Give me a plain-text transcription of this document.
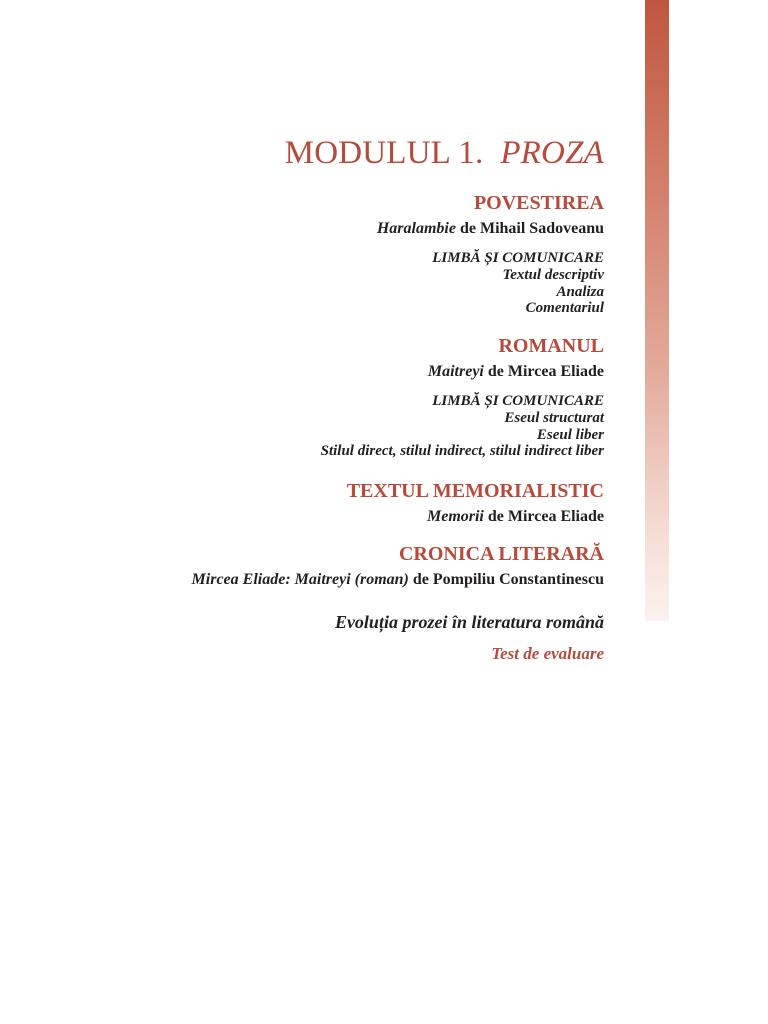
MODULUL 1. PROZA
POVESTIREA

Haralambie de Mihail Sadoveanu

LIMBĂ ȘI COMUNICARE
Textul descriptiv
Analiza
Comentariul

ROMANUL

Maitreyi de Mircea Eliade

LIMBĂ ȘI COMUNICARE
Eseul structurat
Eseul liber
Stilul direct, stilul indirect, stilul indirect liber

TEXTUL MEMORIALISTIC

Memorii de Mircea Eliade

CRONICA LITERARĂ

Mircea Eliade: Maitreyi (roman) de Pompiliu Constantinescu

Evoluția prozei în literatura română

Test de evaluare
